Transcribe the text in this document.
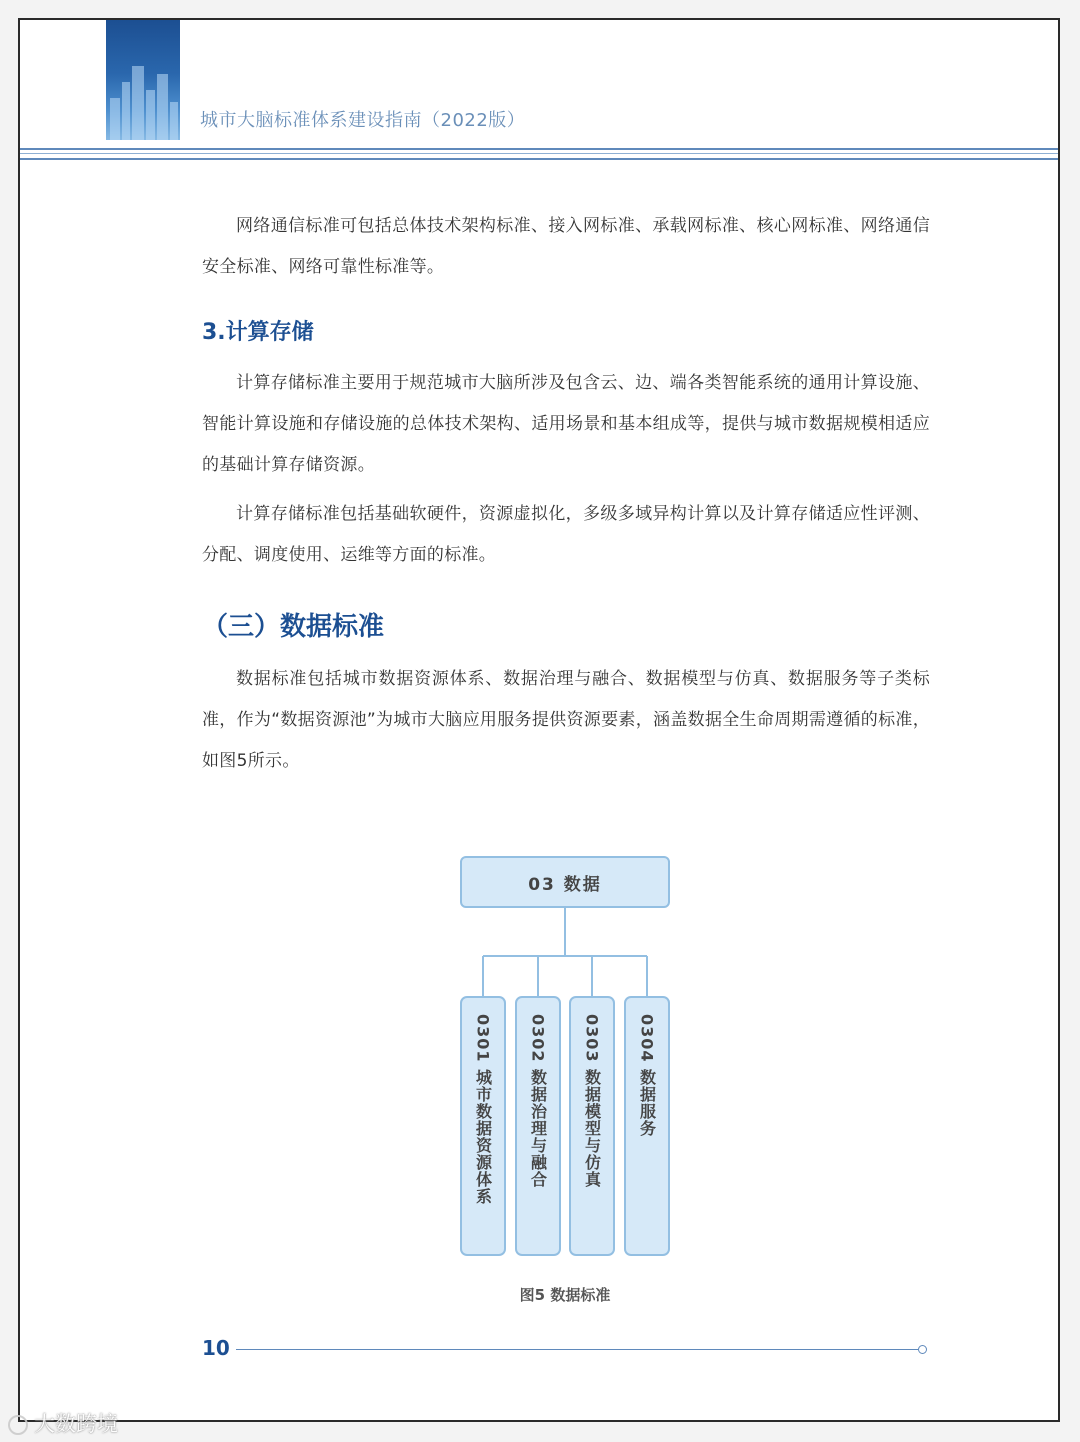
城市大脑标准体系建设指南（2022版）

网络通信标准可包括总体技术架构标准、接入网标准、承载网标准、核心网标准、网络通信安全标准、网络可靠性标准等。

3.计算存储

计算存储标准主要用于规范城市大脑所涉及包含云、边、端各类智能系统的通用计算设施、智能计算设施和存储设施的总体技术架构、适用场景和基本组成等，提供与城市数据规模相适应的基础计算存储资源。

计算存储标准包括基础软硬件，资源虚拟化，多级多域异构计算以及计算存储适应性评测、分配、调度使用、运维等方面的标准。

（三）数据标准

数据标准包括城市数据资源体系、数据治理与融合、数据模型与仿真、数据服务等子类标准，作为“数据资源池”为城市大脑应用服务提供资源要素，涵盖数据全生命周期需遵循的标准，如图5所示。

03 数据
0301 城市数据资源体系 0302 数据治理与融合 0303 数据模型与仿真 0304 数据服务
图5 数据标准
10
大数跨境
